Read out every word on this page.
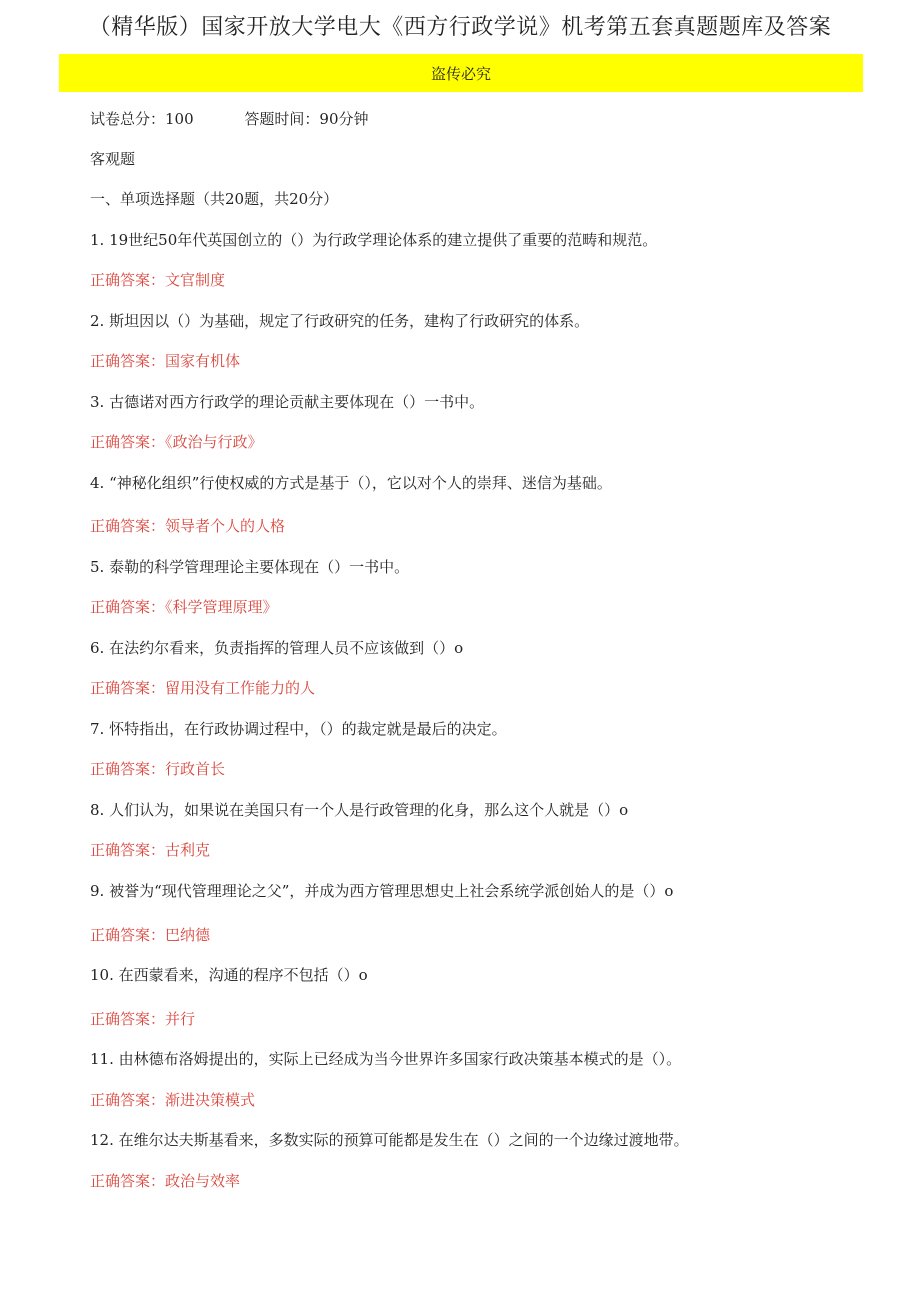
（精华版）国家开放大学电大《西方行政学说》机考第五套真题题库及答案
盗传必究
试卷总分：100	答题时间：90分钟
客观题
一、单项选择题（共20题，共20分）
1. 19世纪50年代英国创立的（）为行政学理论体系的建立提供了重要的范畴和规范。
正确答案：文官制度
2. 斯坦因以（）为基础，规定了行政研究的任务，建构了行政研究的体系。
正确答案：国家有机体
3. 古德诺对西方行政学的理论贡献主要体现在（）一书中。
正确答案：《政治与行政》
4. “神秘化组织”行使权威的方式是基于（），它以对个人的崇拜、迷信为基础。
正确答案：领导者个人的人格
5. 泰勒的科学管理理论主要体现在（）一书中。
正确答案：《科学管理原理》
6. 在法约尔看来，负责指挥的管理人员不应该做到（）o
正确答案：留用没有工作能力的人
7. 怀特指出，在行政协调过程中，（）的裁定就是最后的决定。
正确答案：行政首长
8. 人们认为，如果说在美国只有一个人是行政管理的化身，那么这个人就是（）o
正确答案：古利克
9. 被誉为“现代管理理论之父”，并成为西方管理思想史上社会系统学派创始人的是（）o
正确答案：巴纳德
10. 在西蒙看来，沟通的程序不包括（）o
正确答案：并行
11. 由林德布洛姆提出的，实际上已经成为当今世界许多国家行政决策基本模式的是（）。
正确答案：渐进决策模式
12. 在维尔达夫斯基看来，多数实际的预算可能都是发生在（）之间的一个边缘过渡地带。
正确答案：政治与效率
